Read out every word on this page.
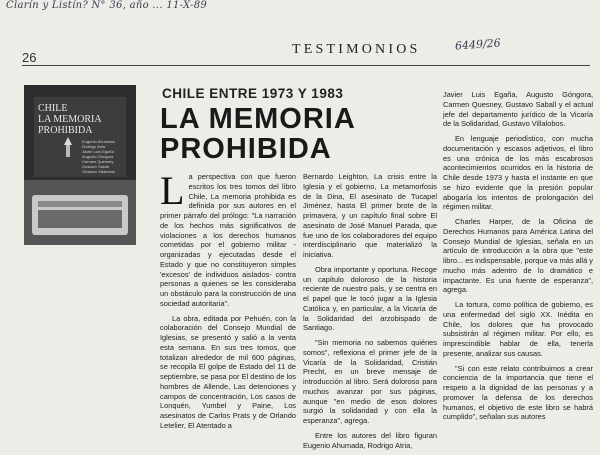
Clarín y Listín? N° 36, año ... 11-X-89
26
TESTIMONIOS	6449/26
CHILE
LA MEMORIA
PROHIBIDA
Eugenio Ahumada
Rodrigo Atria
Javier Luis Egaña
Augusto Góngora
Carmen Quesney
Gustavo Saball
Gustavo Villalobos
CHILE ENTRE 1973 Y 1983
LA MEMORIA
PROHIBIDA

La perspectiva con que fueron escritos los tres tomos del libro Chile, La memoria prohibida es definida por sus autores en el primer párrafo del prólogo: "La narración de los hechos más significativos de violaciones a los derechos humanos cometidas por el gobierno militar -organizadas y ejecutadas desde el Estado y que no constituyeron simples 'excesos' de individuos aislados- contra personas a quienes se les consideraba un obstáculo para la construcción de una sociedad autoritaria".

La obra, editada por Pehuén, con la colaboración del Consejo Mundial de Iglesias, se presentó y salió a la venta esta semana. En sus tres tomos, que totalizan alrededor de mil 600 páginas, se recopila El golpe de Estado del 11 de septiembre, se pasa por El destino de los hombres de Allende, Las detenciones y campos de concentración, Los casos de Lonquén, Yumbel y Paine, Los asesinatos de Carlos Prats y de Orlando Letelier, El Atentado a

Bernardo Leighton, La crisis entre la Iglesia y el gobierno, La metamorfosis de la Dina, El asesinato de Tucapel Jiménez, hasta El primer brote de la primavera, y un capítulo final sobre El asesinato de José Manuel Parada, que fue uno de los colaboradores del equipo interdisciplinario que materializó la iniciativa.

Obra importante y oportuna. Recoge un capítulo doloroso de la historia reciente de nuestro país, y se centra en el papel que le tocó jugar a la Iglesia Católica y, en particular, a la Vicaría de la Solidaridad del arzobispado de Santiago.

"Sin memoria no sabemos quiénes somos", reflexiona el primer jefe de la Vicaría de la Solidaridad, Cristián Precht, en un breve mensaje de introducción al libro. Será doloroso para muchos avanzar por sus páginas, aunque "en medio de esos dolores surgió la solidaridad y con ella la esperanza", agrega.

Entre los autores del libro figuran Eugenio Ahumada, Rodrigo Atria,

Javier Luis Egaña, Augusto Góngora, Carmen Quesney, Gustavo Saball y el actual jefe del departamento jurídico de la Vicaría de la Solidaridad, Gustavo Villalobos.

En lenguaje periodístico, con mucha documentación y escasos adjetivos, el libro es una crónica de los más escabrosos acontecimientos ocurridos en la historia de Chile desde 1973 y hasta el instante en que se hizo evidente que la presión popular abogaría los intentos de prolongación del régimen militar.

Charles Harper, de la Oficina de Derechos Humanos para América Latina del Consejo Mundial de Iglesias, señala en un artículo de introducción a la obra que "este libro... es indispensable, porque va más allá y mucho más adentro de lo dramático e impactante. Es una fuente de esperanza", agrega.

La tortura, como política de gobierno, es una enfermedad del siglo XX. Inédita en Chile, los dolores que ha provocado subsistirán al régimen militar. Por ello, es imprescindible hablar de ella, tenerla presente, analizar sus causas.

"Si con este relato contribuimos a crear conciencia de la importancia que tiene el respeto a la dignidad de las personas y a promover la defensa de los derechos humanos, el objetivo de este libro se habrá cumplido", señalan sus autores
